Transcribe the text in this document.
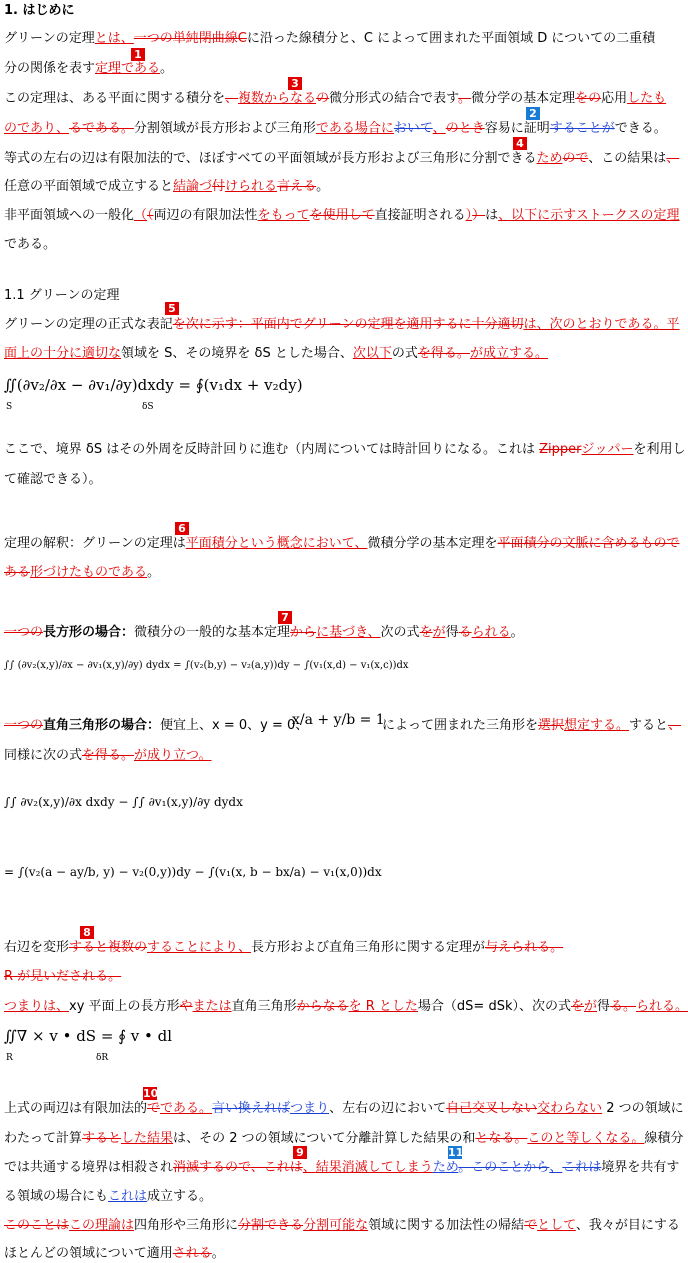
1. はじめに
グリーンの定理とは、一つの単純閉曲線Cに沿った線積分と、C によって囲まれた平面領域 D についての二重積
1
分の関係を表す定理である。
3
2
この定理は、ある平面に関する積分を、複数からなるの微分形式の結合で表す。微分学の基本定理をの応用したも
のであり、るである。分割領域が長方形および三角形である場合において、のとき容易に証明することができる。
4
等式の左右の辺は有限加法的で、ほぼすべての平面領域が長方形および三角形に分割できるためので、この結果は、
任意の平面領域で成立すると結論づ付けられる言える。
非平面領域への一般化（（両辺の有限加法性をもってを使用して直接証明される））は、以下に示すストークスの定理
である。
1.1 グリーンの定理
5
グリーンの定理の正式な表記を次に示す：平面内でグリーンの定理を適用するに十分適切は、次のとおりである。平
面上の十分に適切な領域を S、その境界を δS とした場合、次以下の式を得る。が成立する。
∬(∂v₂/∂x − ∂v₁/∂y)dxdy = ∮(v₁dx + v₂dy)
S	δS
ここで、境界 δS はその外周を反時計回りに進む（内周については時計回りになる。これは Zipperジッパーを利用し
て確認できる）。
6
定理の解釈：グリーンの定理は平面積分という概念において、微積分学の基本定理を平面積分の文脈に含めるもので
ある形づけたものである。
7
一つの長方形の場合：微積分の一般的な基本定理からに基づき、次の式をが得るられる。
∫∫ (∂v₂(x,y)/∂x − ∂v₁(x,y)/∂y) dydx = ∫(v₂(b,y) − v₂(a,y))dy − ∫(v₁(x,d) − v₁(x,c))dx
一つの直角三角形の場合：便宜上、x = 0、y = 0、
x/a + y/b = 1
によって囲まれた三角形を選択想定する。すると、
同様に次の式を得る。が成り立つ。
∫∫ ∂v₂(x,y)/∂x dxdy − ∫∫ ∂v₁(x,y)/∂y dydx
= ∫(v₂(a − ay/b, y) − v₂(0,y))dy − ∫(v₁(x, b − bx/a) − v₁(x,0))dx
8
右辺を変形すると複数のすることにより、長方形および直角三角形に関する定理が与えられる。
R が見いだされる。
つまりは、xy 平面上の長方形やまたは直角三角形からなるを R とした場合（dS= dSk）、次の式をが得る。られる。
∬∇ × v • dS = ∮ v • dl
R	δR
10
上式の両辺は有限加法的でである。言い換えればつまり、左右の辺において自己交叉しない交わらない 2 つの領域に
わたって計算するとした結果は、その 2 つの領域について分離計算した結果の和となる。このと等しくなる。線積分
9	11
では共通する境界は相殺され消滅するので、これは、結果消滅してしまうため。このことから、これは境界を共有す
る領域の場合にもこれは成立する。
このことはこの理論は四角形や三角形に分割できる分割可能な領域に関する加法性の帰結でとして、我々が目にする
ほとんどの領域について適用される。
